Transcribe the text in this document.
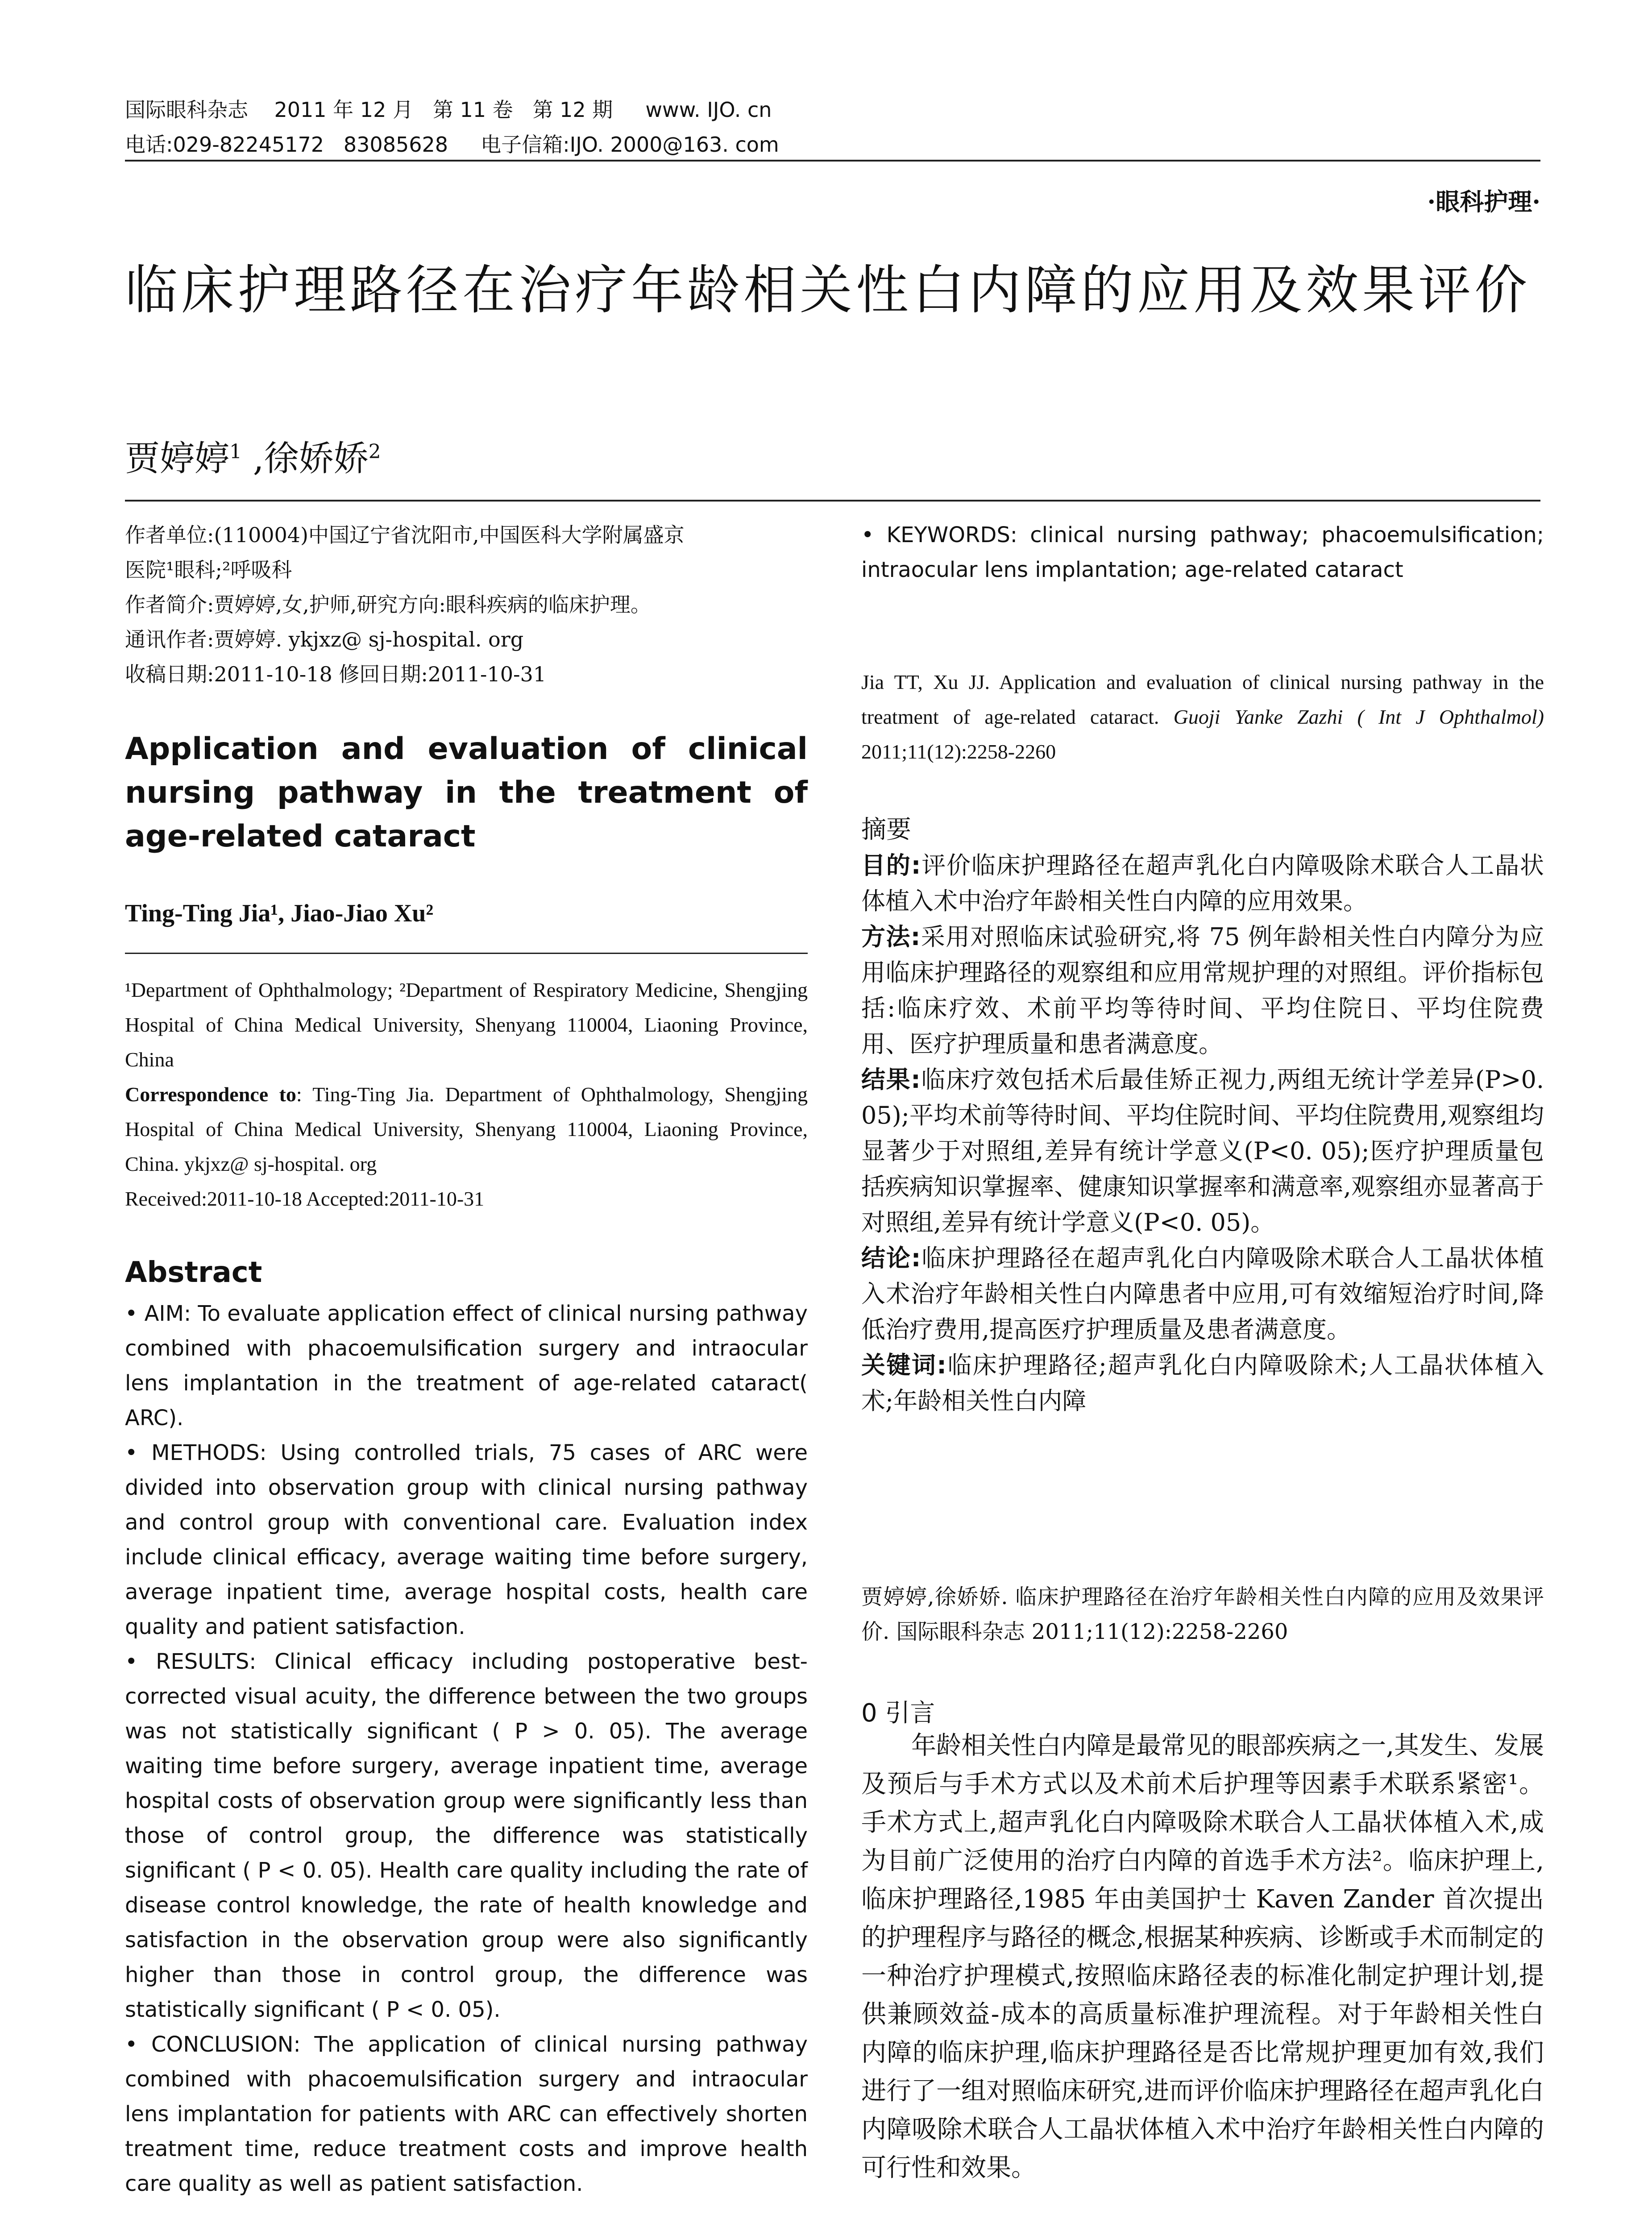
国际眼科杂志    2011 年 12 月   第 11 卷   第 12 期     www. IJO. cn
电话:029-82245172   83085628     电子信箱:IJO. 2000@163. com
·眼科护理·
临床护理路径在治疗年龄相关性白内障的应用及效果评价
贾婷婷$^1$ ,徐娇娇$^2$
作者单位:(110004)中国辽宁省沈阳市,中国医科大学附属盛京
医院¹眼科;²呼吸科
作者简介:贾婷婷,女,护师,研究方向:眼科疾病的临床护理。
通讯作者:贾婷婷. ykjxz@ sj-hospital. org
收稿日期:2011-10-18 修回日期:2011-10-31
Application and evaluation of clinical nursing pathway in the treatment of age-related cataract
Ting-Ting Jia¹, Jiao-Jiao Xu²

¹Department of Ophthalmology; ²Department of Respiratory Medicine, Shengjing Hospital of China Medical University, Shenyang 110004, Liaoning Province, China

Correspondence to: Ting-Ting Jia. Department of Ophthalmology, Shengjing Hospital of China Medical University, Shenyang 110004, Liaoning Province, China. ykjxz@ sj-hospital. org

Received:2011-10-18 Accepted:2011-10-31

Abstract

• AIM: To evaluate application effect of clinical nursing pathway combined with phacoemulsification surgery and intraocular lens implantation in the treatment of age-related cataract( ARC).

• METHODS: Using controlled trials, 75 cases of ARC were divided into observation group with clinical nursing pathway and control group with conventional care. Evaluation index include clinical efficacy, average waiting time before surgery, average inpatient time, average hospital costs, health care quality and patient satisfaction.

• RESULTS: Clinical efficacy including postoperative best-corrected visual acuity, the difference between the two groups was not statistically significant ( P > 0. 05). The average waiting time before surgery, average inpatient time, average hospital costs of observation group were significantly less than those of control group, the difference was statistically significant ( P < 0. 05). Health care quality including the rate of disease control knowledge, the rate of health knowledge and satisfaction in the observation group were also significantly higher than those in control group, the difference was statistically significant ( P < 0. 05).

• CONCLUSION: The application of clinical nursing pathway combined with phacoemulsification surgery and intraocular lens implantation for patients with ARC can effectively shorten treatment time, reduce treatment costs and improve health care quality as well as patient satisfaction.

• KEYWORDS: clinical nursing pathway; phacoemulsification; intraocular lens implantation; age-related cataract

Jia TT, Xu JJ. Application and evaluation of clinical nursing pathway in the treatment of age-related cataract. Guoji Yanke Zazhi ( Int J Ophthalmol) 2011;11(12):2258-2260
摘要

目的:评价临床护理路径在超声乳化白内障吸除术联合人工晶状体植入术中治疗年龄相关性白内障的应用效果。

方法:采用对照临床试验研究,将 75 例年龄相关性白内障分为应用临床护理路径的观察组和应用常规护理的对照组。评价指标包括:临床疗效、术前平均等待时间、平均住院日、平均住院费用、医疗护理质量和患者满意度。

结果:临床疗效包括术后最佳矫正视力,两组无统计学差异(P>0. 05);平均术前等待时间、平均住院时间、平均住院费用,观察组均显著少于对照组,差异有统计学意义(P<0. 05);医疗护理质量包括疾病知识掌握率、健康知识掌握率和满意率,观察组亦显著高于对照组,差异有统计学意义(P<0. 05)。

结论:临床护理路径在超声乳化白内障吸除术联合人工晶状体植入术治疗年龄相关性白内障患者中应用,可有效缩短治疗时间,降低治疗费用,提高医疗护理质量及患者满意度。

关键词:临床护理路径;超声乳化白内障吸除术;人工晶状体植入术;年龄相关性白内障

贾婷婷,徐娇娇. 临床护理路径在治疗年龄相关性白内障的应用及效果评价. 国际眼科杂志 2011;11(12):2258-2260
0 引言
年龄相关性白内障是最常见的眼部疾病之一,其发生、发展及预后与手术方式以及术前术后护理等因素手术联系紧密¹。手术方式上,超声乳化白内障吸除术联合人工晶状体植入术,成为目前广泛使用的治疗白内障的首选手术方法²。临床护理上,临床护理路径,1985 年由美国护士 Kaven Zander 首次提出的护理程序与路径的概念,根据某种疾病、诊断或手术而制定的一种治疗护理模式,按照临床路径表的标准化制定护理计划,提供兼顾效益-成本的高质量标准护理流程。对于年龄相关性白内障的临床护理,临床护理路径是否比常规护理更加有效,我们进行了一组对照临床研究,进而评价临床护理路径在超声乳化白内障吸除术联合人工晶状体植入术中治疗年龄相关性白内障的可行性和效果。
